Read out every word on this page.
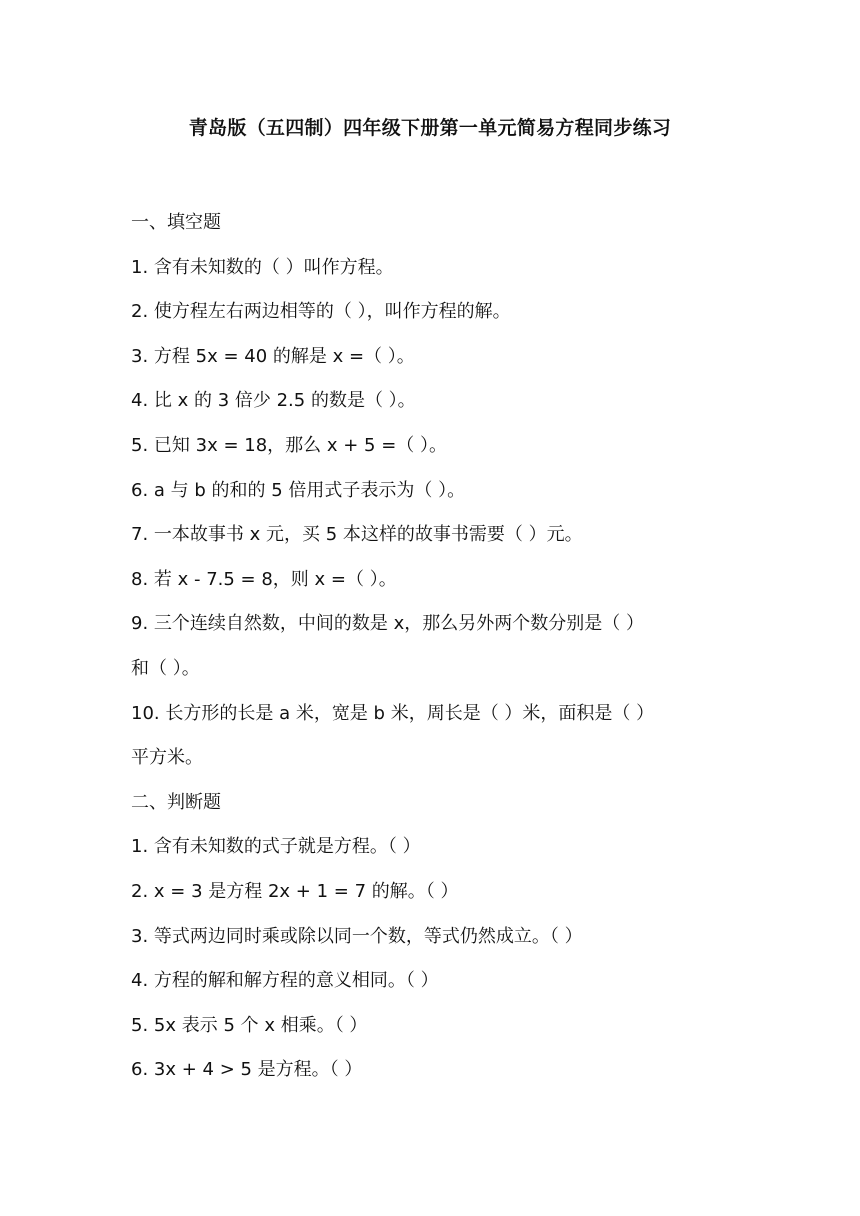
青岛版（五四制）四年级下册第一单元简易方程同步练习
一、填空题
1. 含有未知数的（ ）叫作方程。
2. 使方程左右两边相等的（ ），叫作方程的解。
3. 方程 5x = 40 的解是 x =（ ）。
4. 比 x 的 3 倍少 2.5 的数是（ ）。
5. 已知 3x = 18，那么 x + 5 =（ ）。
6. a 与 b 的和的 5 倍用式子表示为（ ）。
7. 一本故事书 x 元，买 5 本这样的故事书需要（ ）元。
8. 若 x - 7.5 = 8，则 x =（ ）。
9. 三个连续自然数，中间的数是 x，那么另外两个数分别是（ ）
和（ ）。
10. 长方形的长是 a 米，宽是 b 米，周长是（ ）米，面积是（ ）
平方米。
二、判断题
1. 含有未知数的式子就是方程。（ ）
2. x = 3 是方程 2x + 1 = 7 的解。（ ）
3. 等式两边同时乘或除以同一个数，等式仍然成立。（ ）
4. 方程的解和解方程的意义相同。（ ）
5. 5x 表示 5 个 x 相乘。（ ）
6. 3x + 4 > 5 是方程。（ ）
